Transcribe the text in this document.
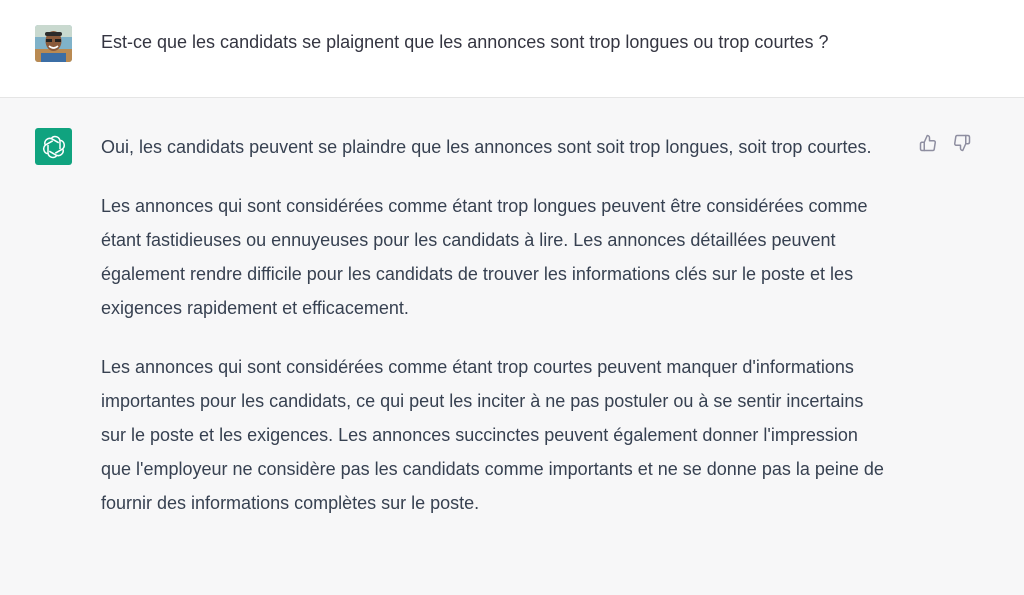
Est-ce que les candidats se plaignent que les annonces sont trop longues ou trop courtes ?

Oui, les candidats peuvent se plaindre que les annonces sont soit trop longues, soit trop courtes.

Les annonces qui sont considérées comme étant trop longues peuvent être considérées comme étant fastidieuses ou ennuyeuses pour les candidats à lire. Les annonces détaillées peuvent également rendre difficile pour les candidats de trouver les informations clés sur le poste et les exigences rapidement et efficacement.

Les annonces qui sont considérées comme étant trop courtes peuvent manquer d'informations importantes pour les candidats, ce qui peut les inciter à ne pas postuler ou à se sentir incertains sur le poste et les exigences. Les annonces succinctes peuvent également donner l'impression que l'employeur ne considère pas les candidats comme importants et ne se donne pas la peine de fournir des informations complètes sur le poste.
